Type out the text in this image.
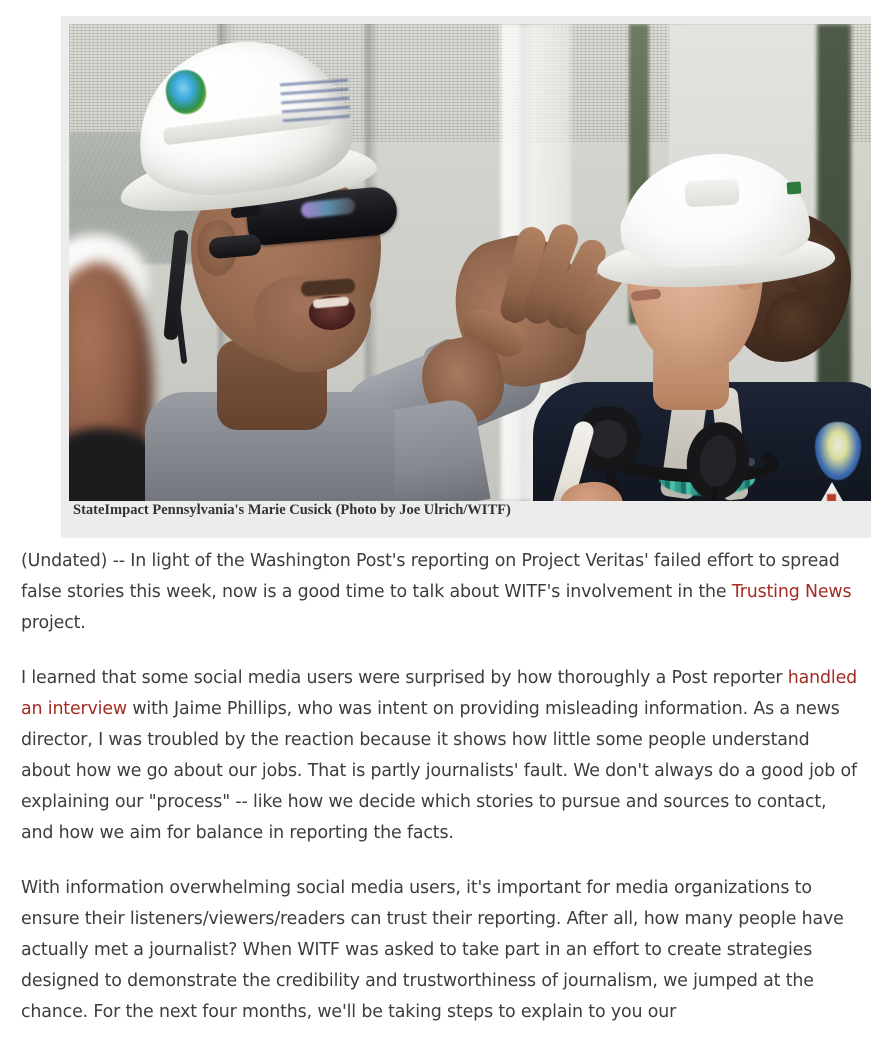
StateImpact Pennsylvania's Marie Cusick (Photo by Joe Ulrich/WITF)

(Undated) -- In light of the Washington Post's reporting on Project Veritas' failed effort to spread false stories this week, now is a good time to talk about WITF's involvement in the Trusting News project.

I learned that some social media users were surprised by how thoroughly a Post reporter handled an interview with Jaime Phillips, who was intent on providing misleading information. As a news director, I was troubled by the reaction because it shows how little some people understand about how we go about our jobs. That is partly journalists' fault. We don't always do a good job of explaining our "process" -- like how we decide which stories to pursue and sources to contact, and how we aim for balance in reporting the facts.

With information overwhelming social media users, it's important for media organizations to ensure their listeners/viewers/readers can trust their reporting. After all, how many people have actually met a journalist? When WITF was asked to take part in an effort to create strategies designed to demonstrate the credibility and trustworthiness of journalism, we jumped at the chance. For the next four months, we'll be taking steps to explain to you our
